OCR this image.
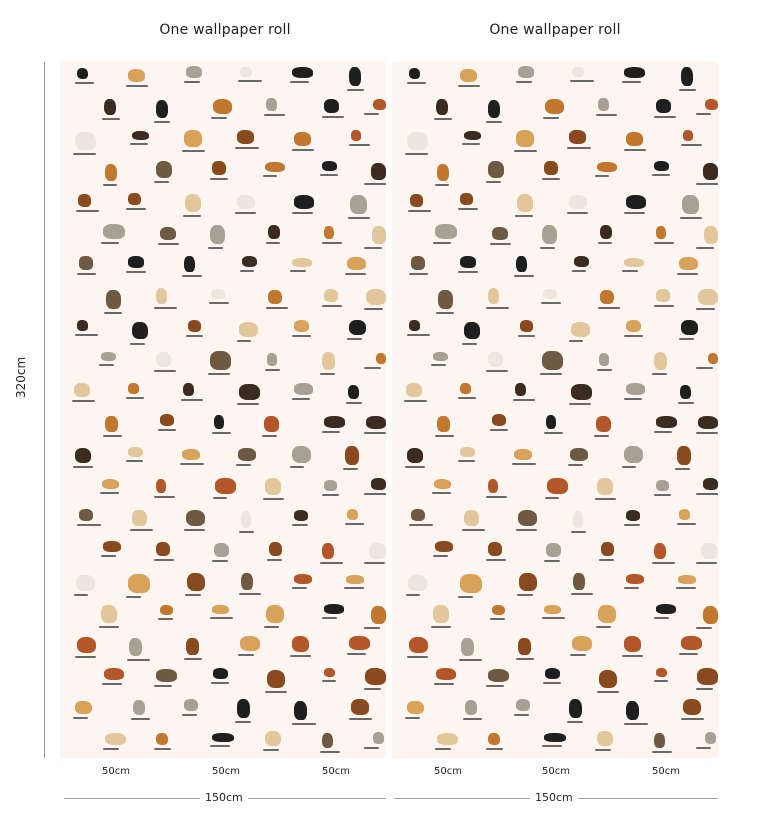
One wallpaper roll	One wallpaper roll
320cm
50cm	50cm	50cm	50cm	50cm	50cm
150cm	150cm
